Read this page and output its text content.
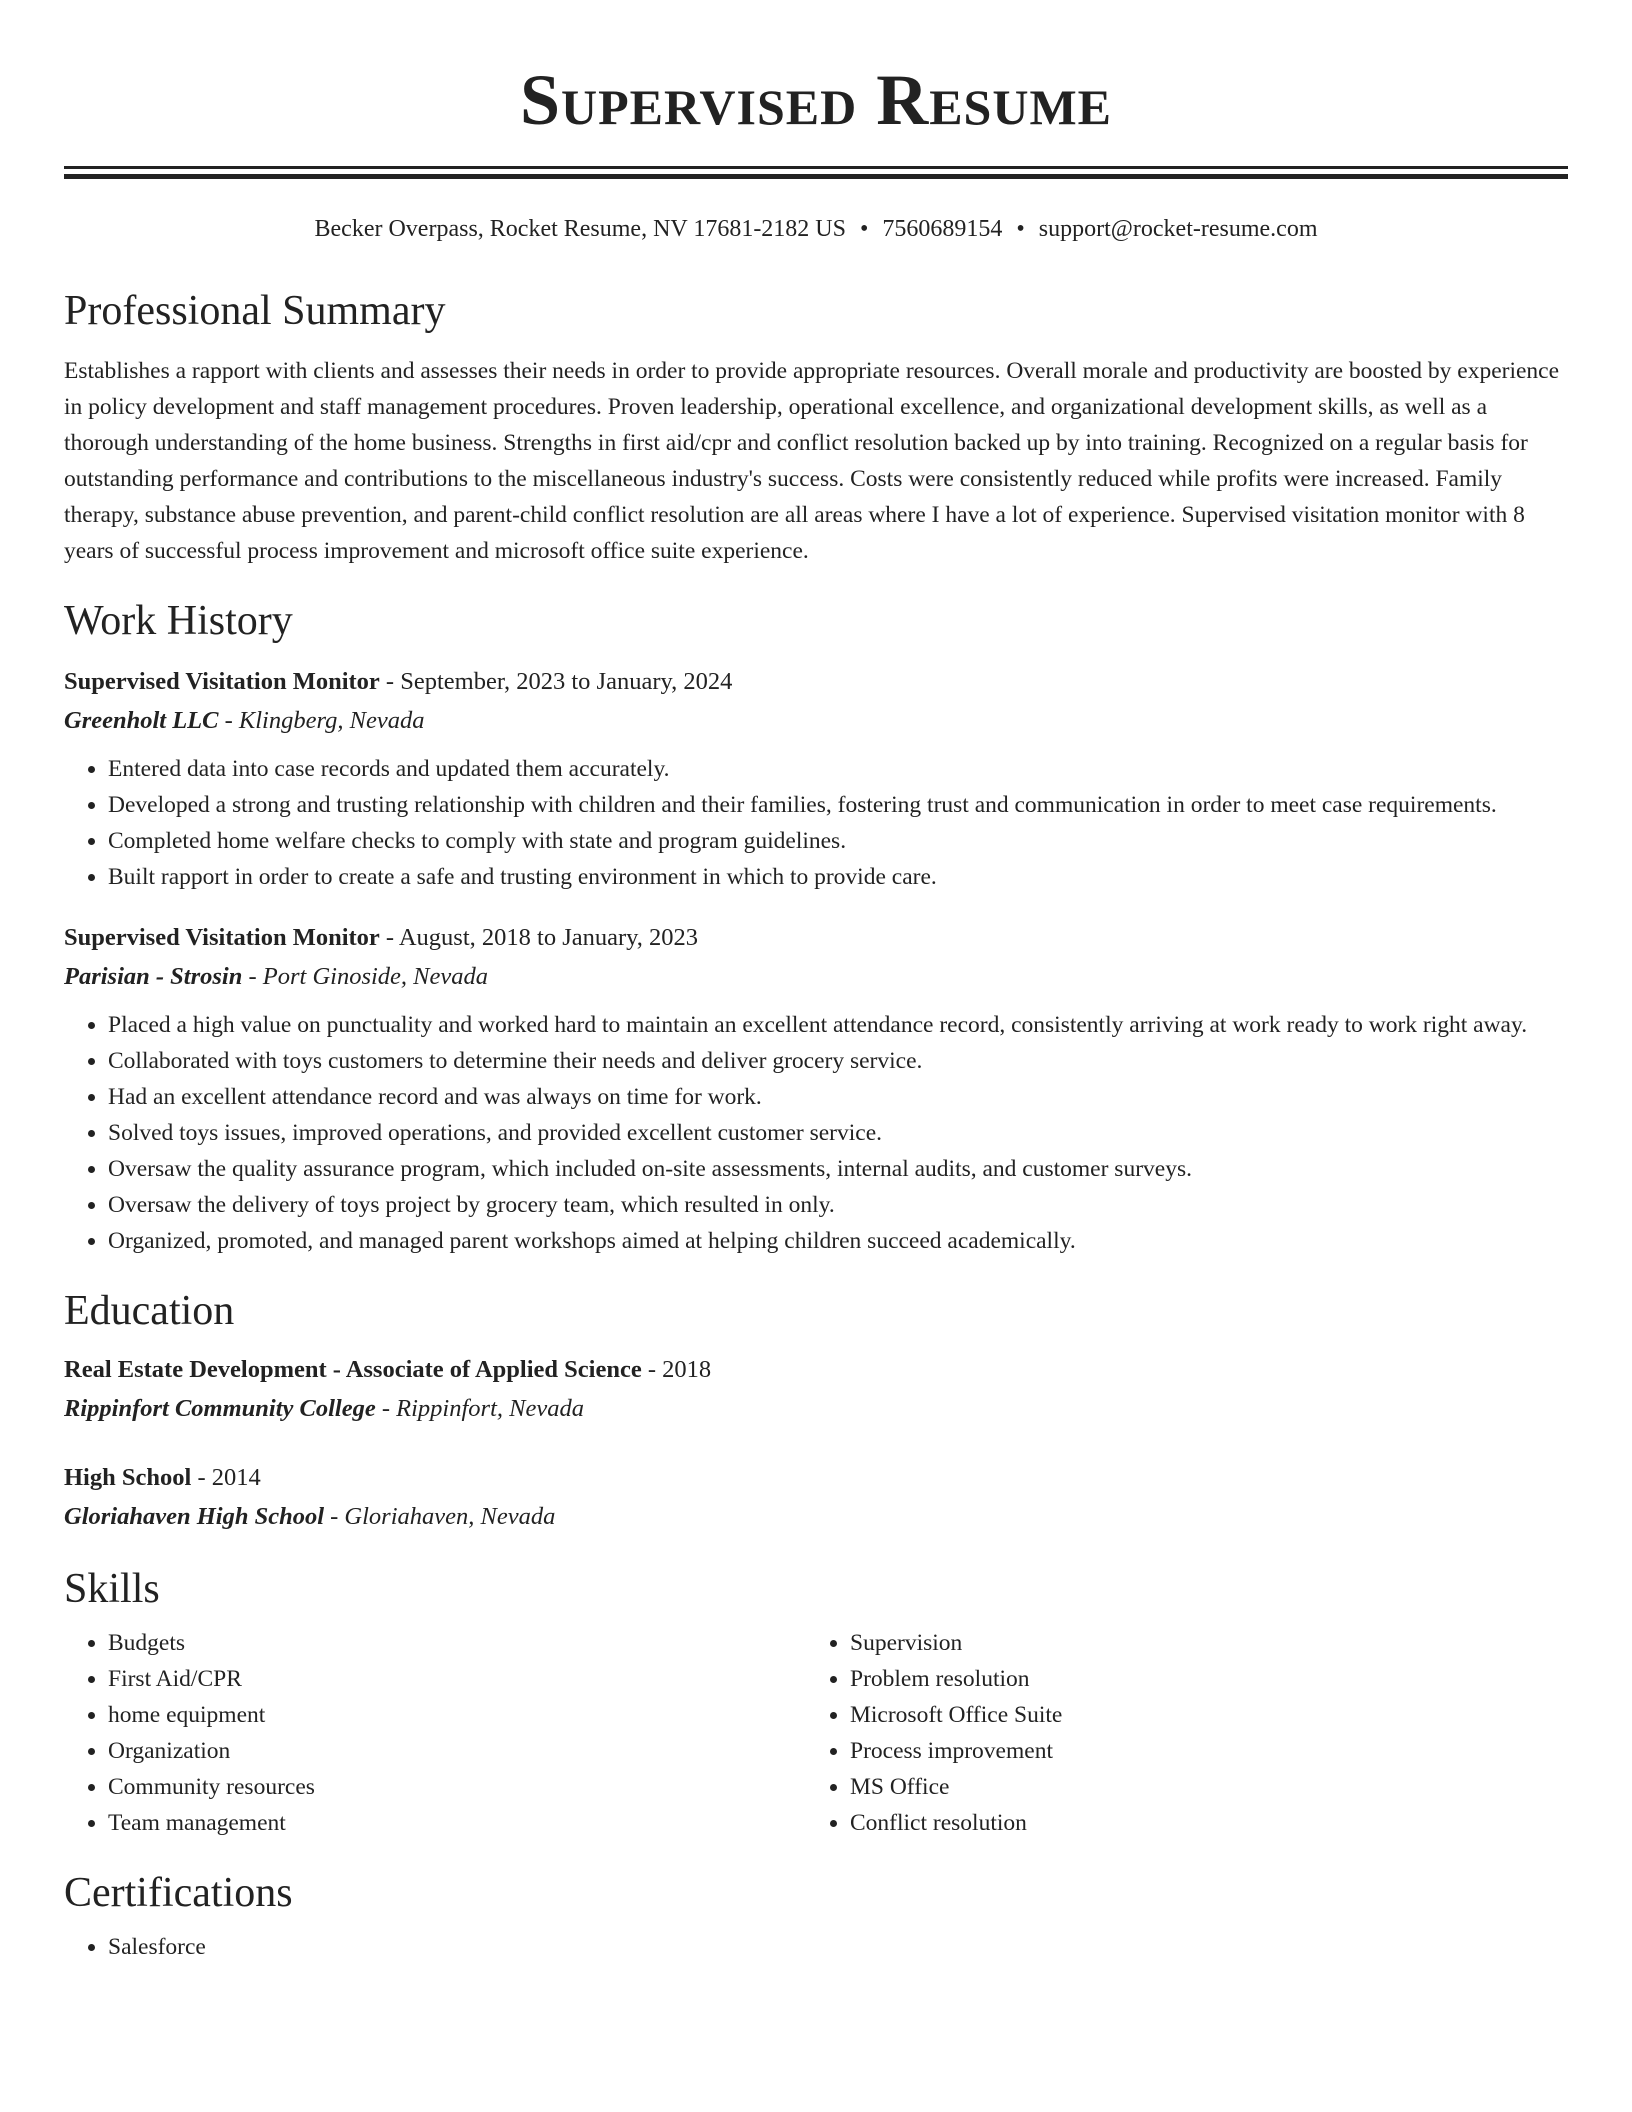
Supervised Resume
Becker Overpass, Rocket Resume, NV 17681-2182 US • 7560689154 • support@rocket-resume.com
Professional Summary

Establishes a rapport with clients and assesses their needs in order to provide appropriate resources. Overall morale and productivity are boosted by experience in policy development and staff management procedures. Proven leadership, operational excellence, and organizational development skills, as well as a thorough understanding of the home business. Strengths in first aid/cpr and conflict resolution backed up by into training. Recognized on a regular basis for outstanding performance and contributions to the miscellaneous industry's success. Costs were consistently reduced while profits were increased. Family therapy, substance abuse prevention, and parent-child conflict resolution are all areas where I have a lot of experience. Supervised visitation monitor with 8 years of successful process improvement and microsoft office suite experience.

Work History
Supervised Visitation Monitor - September, 2023 to January, 2024
Greenholt LLC - Klingberg, Nevada
• Entered data into case records and updated them accurately.
• Developed a strong and trusting relationship with children and their families, fostering trust and communication in order to meet case requirements.
• Completed home welfare checks to comply with state and program guidelines.
• Built rapport in order to create a safe and trusting environment in which to provide care.
Supervised Visitation Monitor - August, 2018 to January, 2023
Parisian - Strosin - Port Ginoside, Nevada
• Placed a high value on punctuality and worked hard to maintain an excellent attendance record, consistently arriving at work ready to work right away.
• Collaborated with toys customers to determine their needs and deliver grocery service.
• Had an excellent attendance record and was always on time for work.
• Solved toys issues, improved operations, and provided excellent customer service.
• Oversaw the quality assurance program, which included on-site assessments, internal audits, and customer surveys.
• Oversaw the delivery of toys project by grocery team, which resulted in only.
• Organized, promoted, and managed parent workshops aimed at helping children succeed academically.
Education
Real Estate Development - Associate of Applied Science - 2018
Rippinfort Community College - Rippinfort, Nevada
High School - 2014
Gloriahaven High School - Gloriahaven, Nevada
Skills
• Budgets
• First Aid/CPR
• home equipment
• Organization
• Community resources
• Team management
• Supervision
• Problem resolution
• Microsoft Office Suite
• Process improvement
• MS Office
• Conflict resolution
Certifications
• Salesforce
